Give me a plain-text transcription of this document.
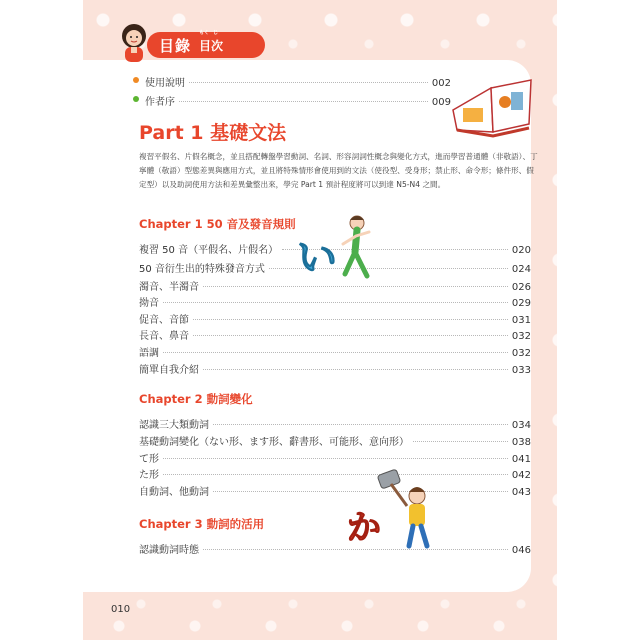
目錄
もく じ
目次
使用說明	002
作者序	009
Part 1 基礎文法
複習平假名、片假名概念，並且搭配轉盤學習動詞、名詞、形容詞詞性概念與變化方式，進而學習普通體（非敬語）、丁寧體（敬語）型態差異與應用方式，並且將特殊情形會使用到的文法（使役型、受身形；禁止形、命令形；條件形、假定型）以及助詞使用方法和差異彙整出來，學完 Part 1 預計程度將可以到達 N5-N4 之間。
Chapter 1 50 音及發音規則
複習 50 音（平假名、片假名）	020
50 音衍生出的特殊發音方式	024
濁音、半濁音	026
拗音	029
促音、音節	031
長音、鼻音	032
語調	032
簡單自我介紹	033
い
Chapter 2 動詞變化
認識三大類動詞	034
基礎動詞變化（ない形、ます形、辭書形、可能形、意向形）	038
て形	041
た形	042
自動詞、他動詞	043
か
Chapter 3 動詞的活用
認識動詞時態	046
010
